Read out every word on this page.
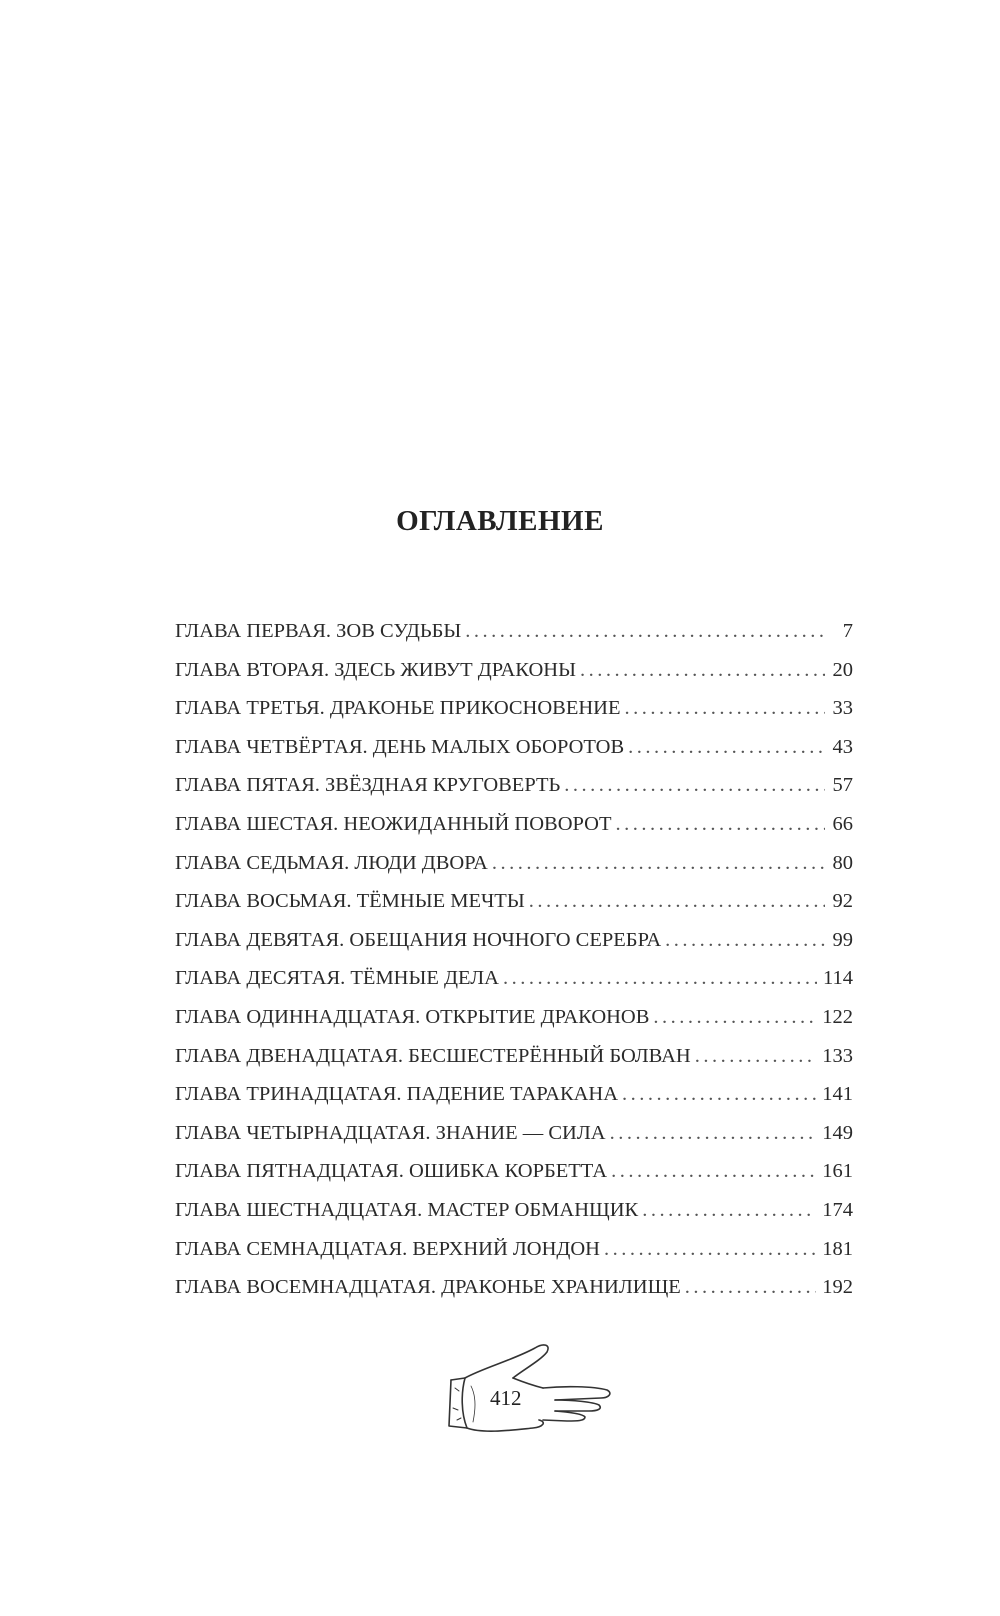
ОГЛАВЛЕНИЕ
ГЛАВА ПЕРВАЯ. ЗОВ СУДЬБЫ .....	7
ГЛАВА ВТОРАЯ. ЗДЕСЬ ЖИВУТ ДРАКОНЫ .....	20
ГЛАВА ТРЕТЬЯ. ДРАКОНЬЕ ПРИКОСНОВЕНИЕ .....	33
ГЛАВА ЧЕТВЁРТАЯ. ДЕНЬ МАЛЫХ ОБОРОТОВ .....	43
ГЛАВА ПЯТАЯ. ЗВЁЗДНАЯ КРУГОВЕРТЬ .....	57
ГЛАВА ШЕСТАЯ. НЕОЖИДАННЫЙ ПОВОРОТ .....	66
ГЛАВА СЕДЬМАЯ. ЛЮДИ ДВОРА .....	80
ГЛАВА ВОСЬМАЯ. ТЁМНЫЕ МЕЧТЫ .....	92
ГЛАВА ДЕВЯТАЯ. ОБЕЩАНИЯ НОЧНОГО СЕРЕБРА .....	99
ГЛАВА ДЕСЯТАЯ. ТЁМНЫЕ ДЕЛА .....	114
ГЛАВА ОДИННАДЦАТАЯ. ОТКРЫТИЕ ДРАКОНОВ .....	122
ГЛАВА ДВЕНАДЦАТАЯ. БЕСШЕСТЕРЁННЫЙ БОЛВАН .....	133
ГЛАВА ТРИНАДЦАТАЯ. ПАДЕНИЕ ТАРАКАНА .....	141
ГЛАВА ЧЕТЫРНАДЦАТАЯ. ЗНАНИЕ — СИЛА .....	149
ГЛАВА ПЯТНАДЦАТАЯ. ОШИБКА КОРБЕТТА .....	161
ГЛАВА ШЕСТНАДЦАТАЯ. МАСТЕР ОБМАНЩИК .....	174
ГЛАВА СЕМНАДЦАТАЯ. ВЕРХНИЙ ЛОНДОН .....	181
ГЛАВА ВОСЕМНАДЦАТАЯ. ДРАКОНЬЕ ХРАНИЛИЩЕ .....	192
412
